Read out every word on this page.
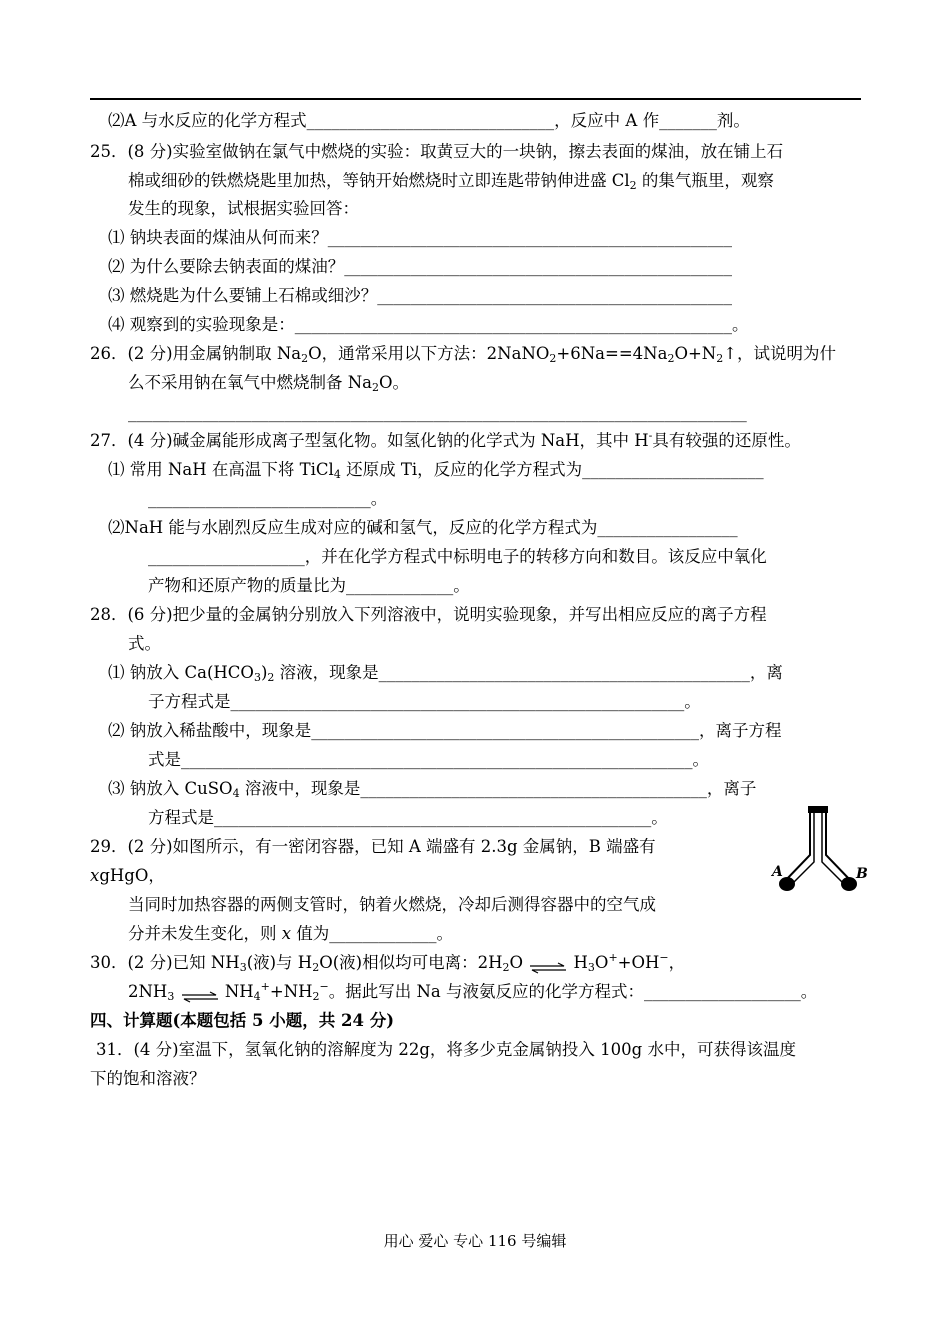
⑵A 与水反应的化学方程式______________________________，反应中 A 作_______剂。
25．(8 分)实验室做钠在氯气中燃烧的实验：取黄豆大的一块钠，擦去表面的煤油，放在铺上石
棉或细砂的铁燃烧匙里加热，等钠开始燃烧时立即连匙带钠伸进盛 $Cl_2$ 的集气瓶里，观察
发生的现象，试根据实验回答：
⑴ 钠块表面的煤油从何而来？_________________________________________________
⑵ 为什么要除去钠表面的煤油？_______________________________________________
⑶ 燃烧匙为什么要铺上石棉或细沙？___________________________________________
⑷ 观察到的实验现象是：_____________________________________________________。
26．(2 分)用金属钠制取 $Na_2O$，通常采用以下方法：$2NaNO_2+6Na==4Na_2O+N_2↑$，试说明为什
么不采用钠在氧气中燃烧制备 $Na_2O$。
___________________________________________________________________________
27．(4 分)碱金属能形成离子型氢化物。如氢化钠的化学式为 NaH，其中 H-具有较强的还原性。
⑴ 常用 NaH 在高温下将 TiCl$_4$ 还原成 Ti，反应的化学方程式为______________________
___________________________。
⑵NaH 能与水剧烈反应生成对应的碱和氢气，反应的化学方程式为_________________
___________________，并在化学方程式中标明电子的转移方向和数目。该反应中氧化
产物和还原产物的质量比为_____________。
28．(6 分)把少量的金属钠分别放入下列溶液中，说明实验现象，并写出相应反应的离子方程
式。
⑴ 钠放入 $Ca(HCO_3)_2$ 溶液，现象是_____________________________________________，离
子方程式是_______________________________________________________。
⑵ 钠放入稀盐酸中，现象是_______________________________________________，离子方程
式是______________________________________________________________。
⑶ 钠放入 CuSO$_4$ 溶液中，现象是__________________________________________，离子
方程式是_____________________________________________________。
29．(2 分)如图所示，有一密闭容器，已知 A 端盛有 2.3g 金属钠，B 端盛有
xgHgO，
当同时加热容器的两侧支管时，钠着火燃烧，冷却后测得容器中的空气成
分并未发生变化，则 x 值为_____________。
30．(2 分)已知 $NH_3$(液)与 $H_2O$(液)相似均可电离：$2H_2O$ ⇌ $H_3O^++OH^-$，
$2NH_3$ ⇌ $NH_4^++NH_2^-$。据此写出 Na 与液氨反应的化学方程式：___________________。
四、计算题(本题包括 5 小题，共 24 分)
31．(4 分)室温下，氢氧化钠的溶解度为 22g，将多少克金属钠投入 100g 水中，可获得该温度
下的饱和溶液？
A	B
用心 爱心 专心 116 号编辑
